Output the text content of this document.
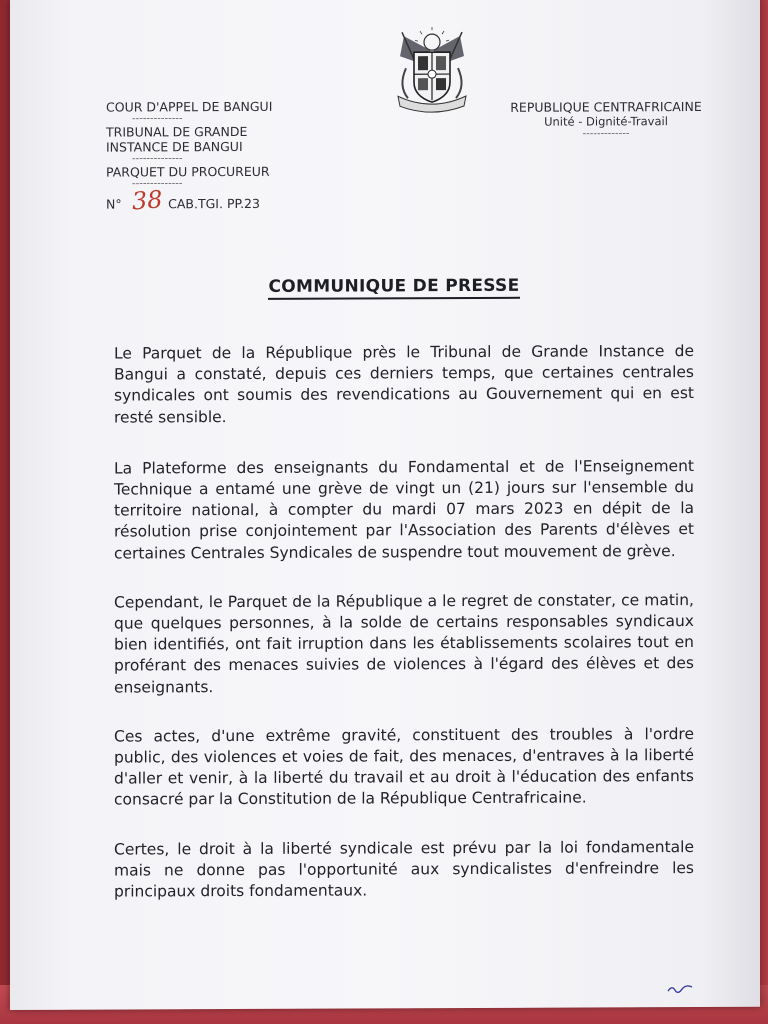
COUR D'APPEL DE BANGUI
--------------
TRIBUNAL DE GRANDE
INSTANCE DE BANGUI
--------------
PARQUET DU PROCUREUR
--------------
N° 38 CAB.TGI. PP.23
REPUBLIQUE CENTRAFRICAINE
Unité - Dignité-Travail
-------------
COMMUNIQUE DE PRESSE

Le Parquet de la République près le Tribunal de Grande Instance de Bangui a constaté, depuis ces derniers temps, que certaines centrales syndicales ont soumis des revendications au Gouvernement qui en est resté sensible.

La Plateforme des enseignants du Fondamental et de l'Enseignement Technique a entamé une grève de vingt un (21) jours sur l'ensemble du territoire national, à compter du mardi 07 mars 2023 en dépit de la résolution prise conjointement par l'Association des Parents d'élèves et certaines Centrales Syndicales de suspendre tout mouvement de grève.

Cependant, le Parquet de la République a le regret de constater, ce matin, que quelques personnes, à la solde de certains responsables syndicaux bien identifiés, ont fait irruption dans les établissements scolaires tout en proférant des menaces suivies de violences à l'égard des élèves et des enseignants.

Ces actes, d'une extrême gravité, constituent des troubles à l'ordre public, des violences et voies de fait, des menaces, d'entraves à la liberté d'aller et venir, à la liberté du travail et au droit à l'éducation des enfants consacré par la Constitution de la République Centrafricaine.

Certes, le droit à la liberté syndicale est prévu par la loi fondamentale mais ne donne pas l'opportunité aux syndicalistes d'enfreindre les principaux droits fondamentaux.
